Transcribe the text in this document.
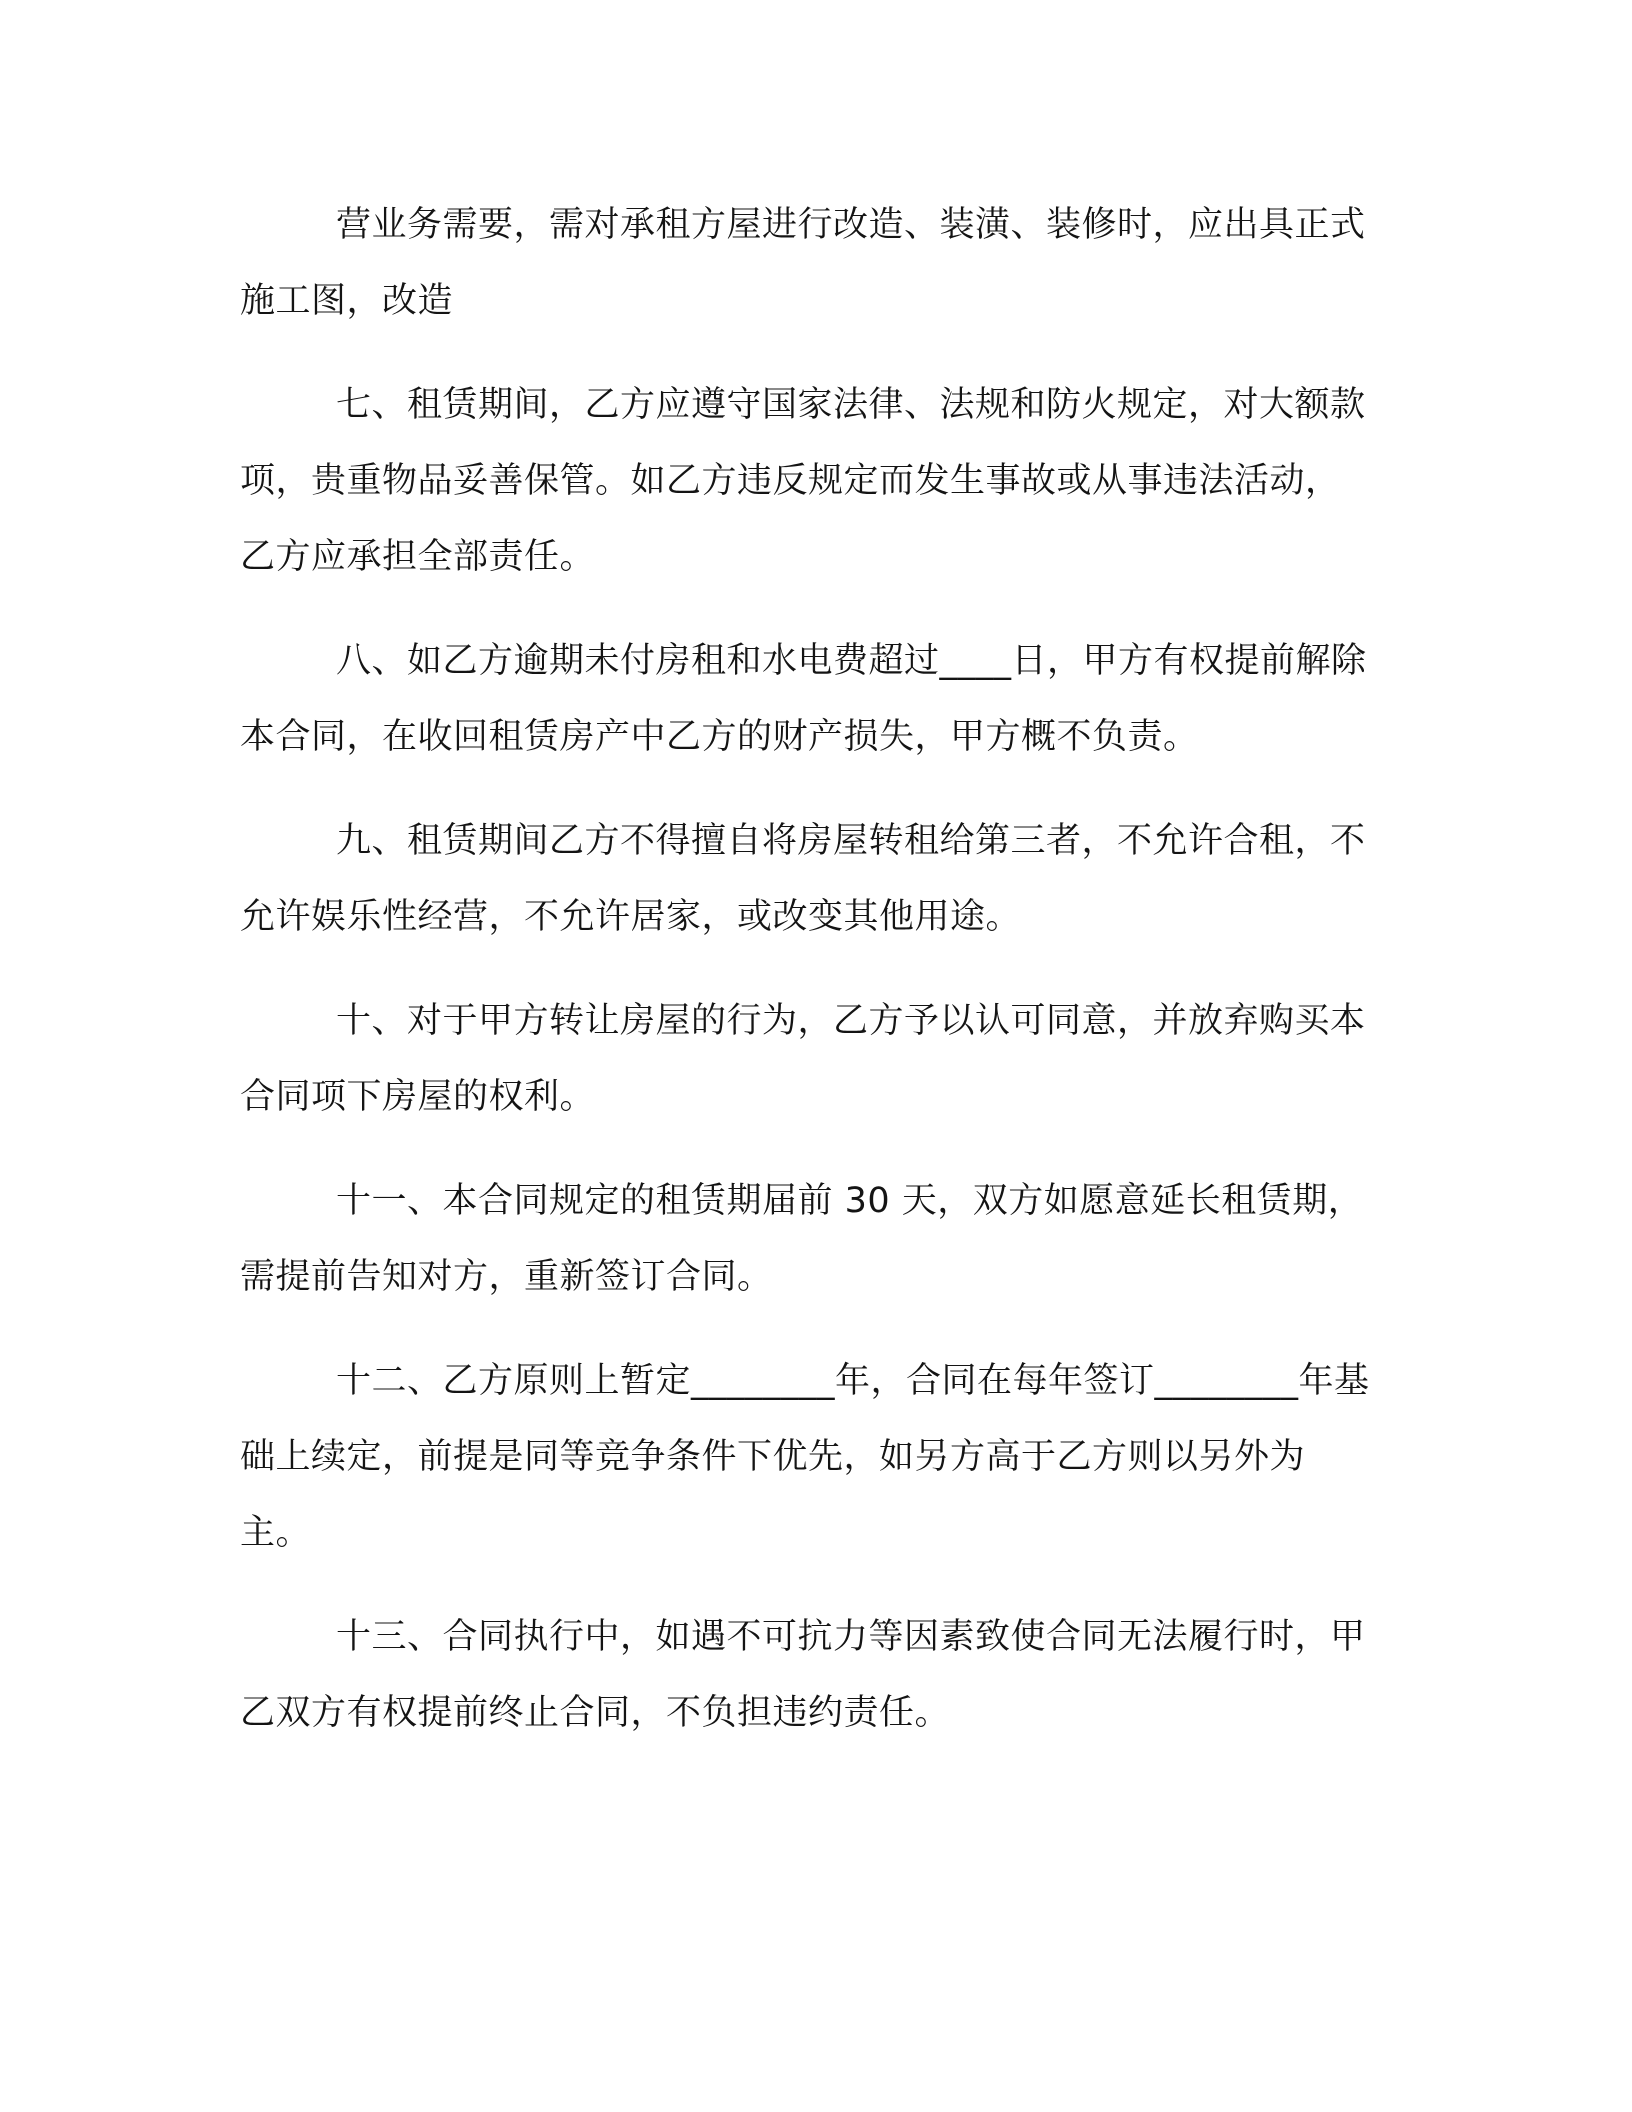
营业务需要，需对承租方屋进行改造、装潢、装修时，应出具正式施工图，改造

七、租赁期间，乙方应遵守国家法律、法规和防火规定，对大额款项，贵重物品妥善保管。如乙方违反规定而发生事故或从事违法活动，乙方应承担全部责任。

八、如乙方逾期未付房租和水电费超过____日，甲方有权提前解除本合同，在收回租赁房产中乙方的财产损失，甲方概不负责。

九、租赁期间乙方不得擅自将房屋转租给第三者，不允许合租，不允许娱乐性经营，不允许居家，或改变其他用途。

十、对于甲方转让房屋的行为，乙方予以认可同意，并放弃购买本合同项下房屋的权利。

十一、本合同规定的租赁期届前 30 天，双方如愿意延长租赁期，需提前告知对方，重新签订合同。

十二、乙方原则上暂定________年，合同在每年签订________年基础上续定，前提是同等竞争条件下优先，如另方高于乙方则以另外为主。

十三、合同执行中，如遇不可抗力等因素致使合同无法履行时，甲乙双方有权提前终止合同，不负担违约责任。
